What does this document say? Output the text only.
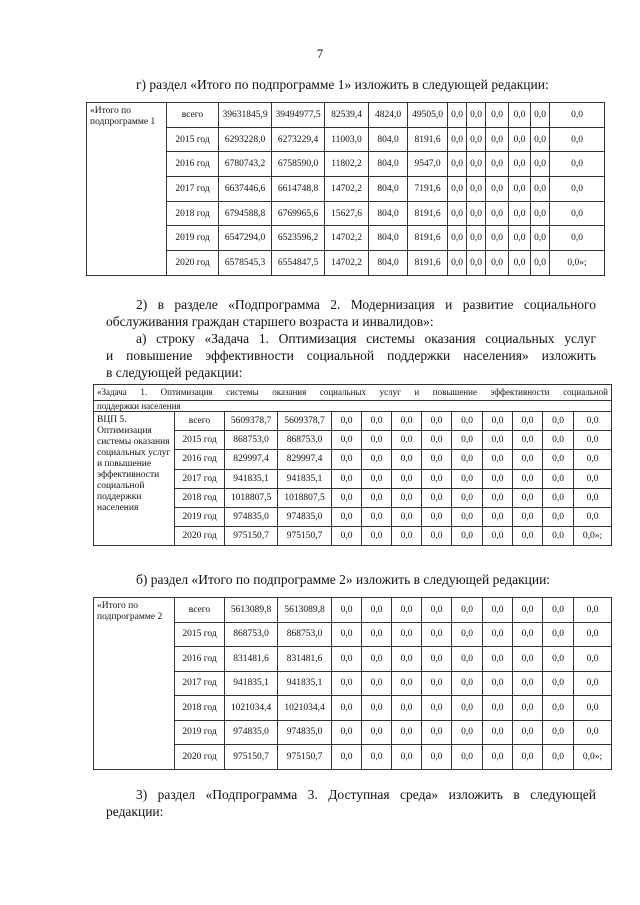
7

г) раздел «Итого по подпрограмме 1» изложить в следующей редакции:

«Итого по подпрограмме 1	всего	39631845,9	39494977,5	82539,4	4824,0	49505,0	0,0	0,0	0,0	0,0	0,0	0,0
	2015 год	6293228,0	6273229,4	11003,0	804,0	8191,6	0,0	0,0	0,0	0,0	0,0	0,0
	2016 год	6780743,2	6758590,0	11802,2	804,0	9547,0	0,0	0,0	0,0	0,0	0,0	0,0
	2017 год	6637446,6	6614748,8	14702,2	804,0	7191,6	0,0	0,0	0,0	0,0	0,0	0,0
	2018 год	6794588,8	6769965,6	15627,6	804,0	8191,6	0,0	0,0	0,0	0,0	0,0	0,0
	2019 год	6547294,0	6523596,2	14702,2	804,0	8191,6	0,0	0,0	0,0	0,0	0,0	0,0
	2020 год	6578545,3	6554847,5	14702,2	804,0	8191,6	0,0	0,0	0,0	0,0	0,0	0,0»;

2) в разделе «Подпрограмма 2. Модернизация и развитие социального

обслуживания граждан старшего возраста и инвалидов»:

а) строку «Задача 1. Оптимизация системы оказания социальных услуг

и повышение эффективности социальной поддержки населения» изложить

в следующей редакции:

«Задача 1. Оптимизация системы оказания социальных услуг и повышение эффективности социальной												
поддержки населения												
ВЦП 5. Оптимизация системы оказания социальных услуг и повышение эффективности социальной поддержки населения	всего	5609378,7	5609378,7	0,0	0,0	0,0	0,0	0,0	0,0	0,0	0,0	0,0
	2015 год	868753,0	868753,0	0,0	0,0	0,0	0,0	0,0	0,0	0,0	0,0	0,0
	2016 год	829997,4	829997,4	0,0	0,0	0,0	0,0	0,0	0,0	0,0	0,0	0,0
	2017 год	941835,1	941835,1	0,0	0,0	0,0	0,0	0,0	0,0	0,0	0,0	0,0
	2018 год	1018807,5	1018807,5	0,0	0,0	0,0	0,0	0,0	0,0	0,0	0,0	0,0
	2019 год	974835,0	974835,0	0,0	0,0	0,0	0,0	0,0	0,0	0,0	0,0	0,0
	2020 год	975150,7	975150,7	0,0	0,0	0,0	0,0	0,0	0,0	0,0	0,0	0,0»;

б) раздел «Итого по подпрограмме 2» изложить в следующей редакции:

«Итого по подпрограмме 2	всего	5613089,8	5613089,8	0,0	0,0	0,0	0,0	0,0	0,0	0,0	0,0	0,0
	2015 год	868753,0	868753,0	0,0	0,0	0,0	0,0	0,0	0,0	0,0	0,0	0,0
	2016 год	831481,6	831481,6	0,0	0,0	0,0	0,0	0,0	0,0	0,0	0,0	0,0
	2017 год	941835,1	941835,1	0,0	0,0	0,0	0,0	0,0	0,0	0,0	0,0	0,0
	2018 год	1021034,4	1021034,4	0,0	0,0	0,0	0,0	0,0	0,0	0,0	0,0	0,0
	2019 год	974835,0	974835,0	0,0	0,0	0,0	0,0	0,0	0,0	0,0	0,0	0,0
	2020 год	975150,7	975150,7	0,0	0,0	0,0	0,0	0,0	0,0	0,0	0,0	0,0»;

3) раздел «Подпрограмма 3. Доступная среда» изложить в следующей

редакции:
